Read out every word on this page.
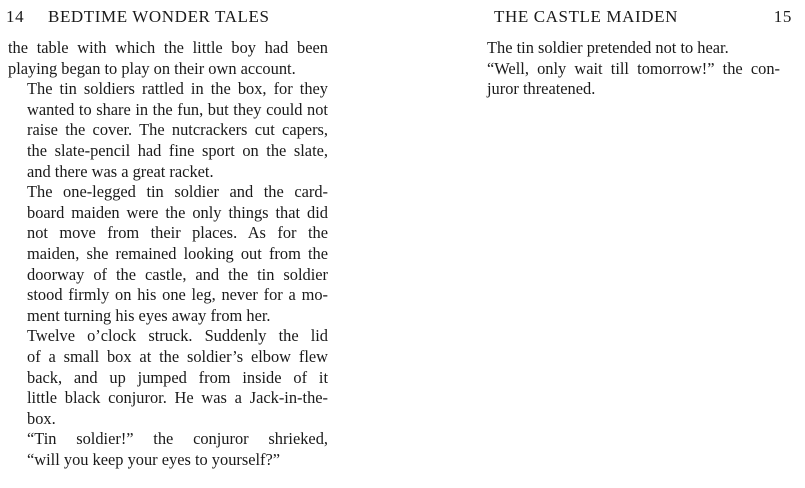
14 BEDTIME WONDER TALES

the table with which the little boy had been
playing began to play on their own account.

The tin soldiers rattled in the box, for they
wanted to share in the fun, but they could not
raise the cover. The nutcrackers cut capers,
the slate-pencil had fine sport on the slate,
and there was a great racket.

The one-legged tin soldier and the card-
board maiden were the only things that did
not move from their places. As for the
maiden, she remained looking out from the
doorway of the castle, and the tin soldier
stood firmly on his one leg, never for a mo-
ment turning his eyes away from her.

Twelve o’clock struck. Suddenly the lid
of a small box at the soldier’s elbow flew
back, and up jumped from inside of it
little black conjuror. He was a Jack-in-the-
box.

“Tin soldier!” the conjuror shrieked,
“will you keep your eyes to yourself?”

THE CASTLE MAIDEN	15

The tin soldier pretended not to hear.

“Well, only wait till tomorrow!” the con-
juror threatened.
